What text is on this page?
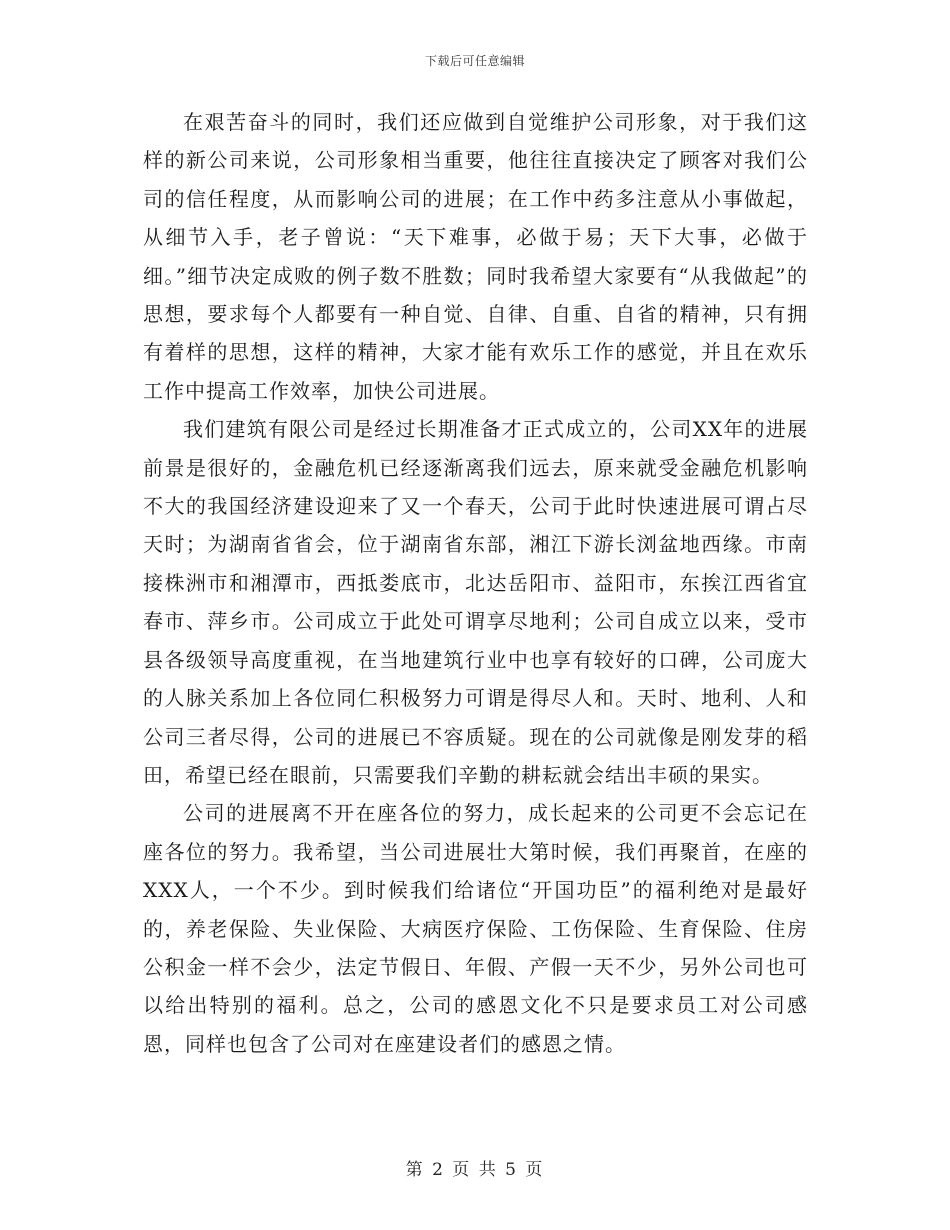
下载后可任意编辑

在艰苦奋斗的同时，我们还应做到自觉维护公司形象，对于我们这样的新公司来说，公司形象相当重要，他往往直接决定了顾客对我们公司的信任程度，从而影响公司的进展；在工作中药多注意从小事做起，从细节入手，老子曾说：“天下难事，必做于易；天下大事，必做于细。”细节决定成败的例子数不胜数；同时我希望大家要有“从我做起”的思想，要求每个人都要有一种自觉、自律、自重、自省的精神，只有拥有着样的思想，这样的精神，大家才能有欢乐工作的感觉，并且在欢乐工作中提高工作效率，加快公司进展。

我们建筑有限公司是经过长期准备才正式成立的，公司XX年的进展前景是很好的，金融危机已经逐渐离我们远去，原来就受金融危机影响不大的我国经济建设迎来了又一个春天，公司于此时快速进展可谓占尽天时；为湖南省省会，位于湖南省东部，湘江下游长浏盆地西缘。市南接株洲市和湘潭市，西抵娄底市，北达岳阳市、益阳市，东挨江西省宜春市、萍乡市。公司成立于此处可谓享尽地利；公司自成立以来，受市县各级领导高度重视，在当地建筑行业中也享有较好的口碑，公司庞大的人脉关系加上各位同仁积极努力可谓是得尽人和。天时、地利、人和公司三者尽得，公司的进展已不容质疑。现在的公司就像是刚发芽的稻田，希望已经在眼前，只需要我们辛勤的耕耘就会结出丰硕的果实。

公司的进展离不开在座各位的努力，成长起来的公司更不会忘记在座各位的努力。我希望，当公司进展壮大第时候，我们再聚首，在座的XXX人，一个不少。到时候我们给诸位“开国功臣”的福利绝对是最好的，养老保险、失业保险、大病医疗保险、工伤保险、生育保险、住房公积金一样不会少，法定节假日、年假、产假一天不少，另外公司也可以给出特别的福利。总之，公司的感恩文化不只是要求员工对公司感恩，同样也包含了公司对在座建设者们的感恩之情。

第 2 页 共 5 页
